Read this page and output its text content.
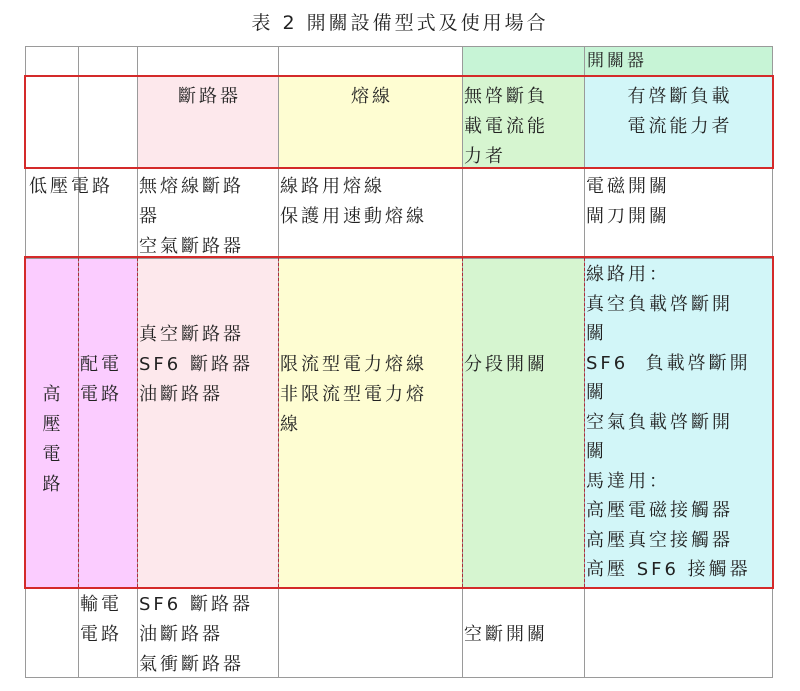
表 2 開關設備型式及使用場合
開關器
斷路器	熔線	無啓斷負
載電流能
力者
有啓斷負載
電流能力者
低壓電路 無熔線斷路
器
空氣斷路器
線路用熔線
保護用速動熔線
電磁開關
閘刀開關
高
壓
電
路
配電
電路
真空斷路器
SF6 斷路器
油斷路器
限流型電力熔線
非限流型電力熔
線
分段開關
線路用：
真空負載啓斷開
關
SF6  負載啓斷開
關
空氣負載啓斷開
關
馬達用：
高壓電磁接觸器
高壓真空接觸器
高壓 SF6 接觸器
輸電
電路
SF6 斷路器
油斷路器
氣衝斷路器
空斷開關
